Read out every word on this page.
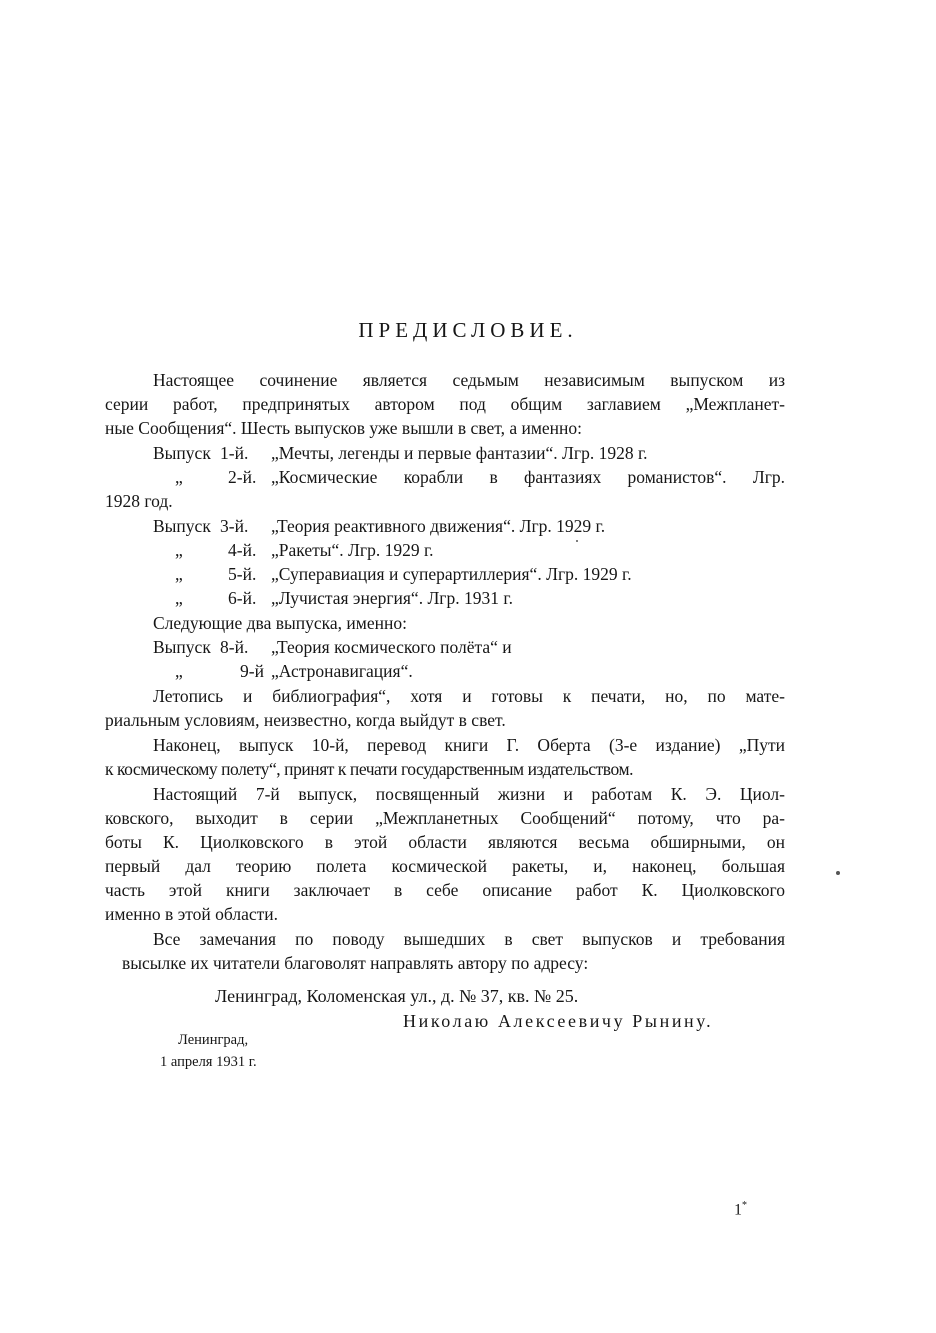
ПРЕДИСЛОВИЕ.
Настоящее сочинение является седьмым независимым выпуском из
серии работ, предпринятых автором под общим заглавием „Межпланет-
ные Сообщения“. Шесть выпусков уже вышли в свет, а именно:
Выпуск 1-й. „Мечты, легенды и первые фантазии“. Лгр. 1928 г.
„	2-й. „Космические корабли в фантазиях романистов“. Лгр.
1928 год.
Выпуск 3-й. „Теория реактивного движения“. Лгр. 1929 г.
„	4-й. „Ракеты“. Лгр. 1929 г.
„	5-й. „Суперавиация и суперартиллерия“. Лгр. 1929 г.
„	6-й. „Лучистая энергия“. Лгр. 1931 г.
Следующие два выпуска, именно:
Выпуск 8-й. „Теория космического полёта“ и
„	9-й „Астронавигация“.
Летопись и библиография“, хотя и готовы к печати, но, по мате-
риальным условиям, неизвестно, когда выйдут в свет.
Наконец, выпуск 10-й, перевод книги Г. Оберта (3-е издание) „Пути
к космическому полету“, принят к печати государственным издательством.
Настоящий 7-й выпуск, посвященный жизни и работам К. Э. Циол-
ковского, выходит в серии „Межпланетных Сообщений“ потому, что ра-
боты К. Циолковского в этой области являются весьма обширными, он
первый дал теорию полета космической ракеты, и, наконец, большая
часть этой книги заключает в себе описание работ К. Циолковского
именно в этой области.
Все замечания по поводу вышедших в свет выпусков и требования
высылке их читатели благоволят направлять автору по адресу:
Ленинград, Коломенская ул., д. № 37, кв. № 25.
Николаю Алексеевичу Рынину.
Ленинград,
1 апреля 1931 г.
1*
